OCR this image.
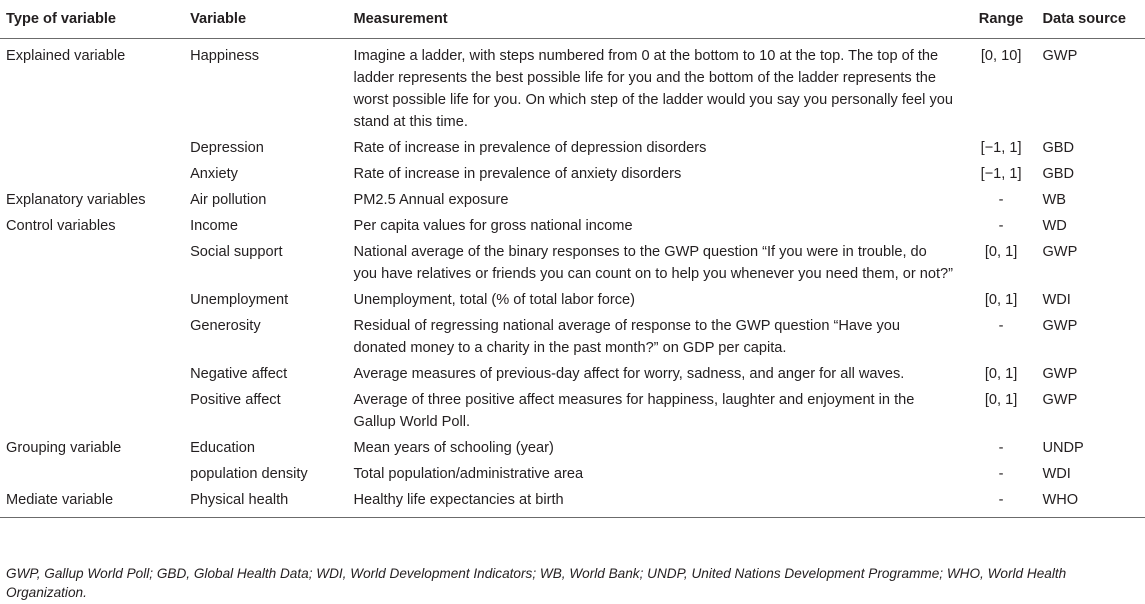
Type of variable	Variable	Measurement	Range	Data source
Explained variable	Happiness	Imagine a ladder, with steps numbered from 0 at the bottom to 10 at the top. The top of the ladder represents the best possible life for you and the bottom of the ladder represents the worst possible life for you. On which step of the ladder would you say you personally feel you stand at this time.	[0, 10]	GWP
	Depression	Rate of increase in prevalence of depression disorders	[−1, 1]	GBD
	Anxiety	Rate of increase in prevalence of anxiety disorders	[−1, 1]	GBD
Explanatory variables	Air pollution	PM2.5 Annual exposure	-	WB
Control variables	Income	Per capita values for gross national income	-	WD
	Social support	National average of the binary responses to the GWP question “If you were in trouble, do you have relatives or friends you can count on to help you whenever you need them, or not?”	[0, 1]	GWP
	Unemployment	Unemployment, total (% of total labor force)	[0, 1]	WDI
	Generosity	Residual of regressing national average of response to the GWP question “Have you donated money to a charity in the past month?” on GDP per capita.	-	GWP
	Negative affect	Average measures of previous-day affect for worry, sadness, and anger for all waves.	[0, 1]	GWP
	Positive affect	Average of three positive affect measures for happiness, laughter and enjoyment in the Gallup World Poll.	[0, 1]	GWP
Grouping variable	Education	Mean years of schooling (year)	-	UNDP
	population density	Total population/administrative area	-	WDI
Mediate variable	Physical health	Healthy life expectancies at birth	-	WHO
GWP, Gallup World Poll; GBD, Global Health Data; WDI, World Development Indicators; WB, World Bank; UNDP, United Nations Development Programme; WHO, World Health Organization.
